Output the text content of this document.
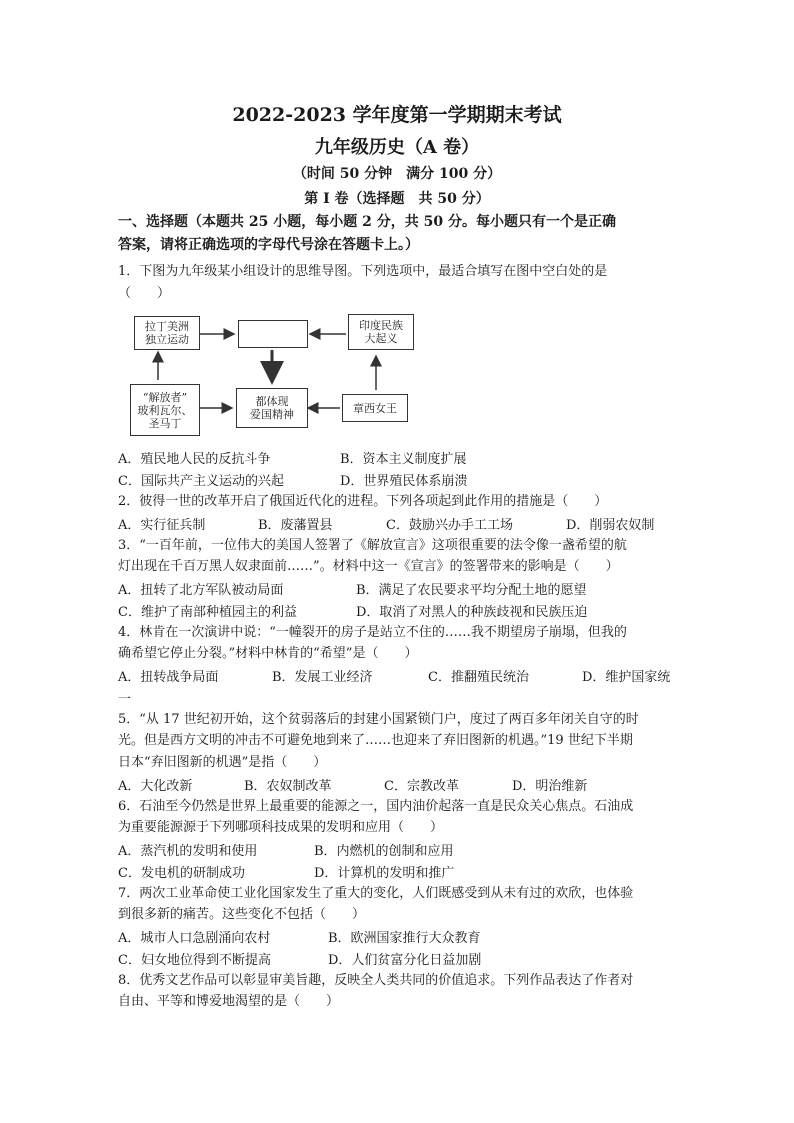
2022-2023 学年度第一学期期末考试
九年级历史（A 卷）
（时间 50 分钟　满分 100 分）
第 I 卷（选择题　共 50 分）
一、选择题（本题共 25 小题，每小题 2 分，共 50 分。每小题只有一个是正确
答案，请将正确选项的字母代号涂在答题卡上。）
1．下图为九年级某小组设计的思维导图。下列选项中，最适合填写在图中空白处的是
（　　）
拉丁美洲
独立运动
印度民族
大起义
“解放者”
玻利瓦尔、
圣马丁
都体现
爱国精神	章西女王
A．殖民地人民的反抗斗争	B．资本主义制度扩展
C．国际共产主义运动的兴起	D．世界殖民体系崩溃
2．彼得一世的改革开启了俄国近代化的进程。下列各项起到此作用的措施是（　　）
A．实行征兵制	B．废藩置县	C．鼓励兴办手工工场	D．削弱农奴制
3．“一百年前，一位伟大的美国人签署了《解放宣言》这项很重要的法令像一盏希望的航
灯出现在千百万黑人奴隶面前……”。材料中这一《宣言》的签署带来的影响是（　　）
A．扭转了北方军队被动局面	B．满足了农民要求平均分配土地的愿望
C．维护了南部种植园主的利益	D．取消了对黑人的种族歧视和民族压迫
4．林肯在一次演讲中说：“一幢裂开的房子是站立不住的……我不期望房子崩塌，但我的
确希望它停止分裂。”材料中林肯的“希望”是（　　）
A．扭转战争局面	B．发展工业经济	C．推翻殖民统治	D．维护国家统
一
5．“从 17 世纪初开始，这个贫弱落后的封建小国紧锁门户，度过了两百多年闭关自守的时
光。但是西方文明的冲击不可避免地到来了……也迎来了弃旧图新的机遇。”19 世纪下半期
日本“弃旧图新的机遇”是指（　　）
A．大化改新	B．农奴制改革	C．宗教改革	D．明治维新
6．石油至今仍然是世界上最重要的能源之一，国内油价起落一直是民众关心焦点。石油成
为重要能源源于下列哪项科技成果的发明和应用（　　）
A．蒸汽机的发明和使用	B．内燃机的创制和应用
C．发电机的研制成功	D．计算机的发明和推广
7．两次工业革命使工业化国家发生了重大的变化，人们既感受到从未有过的欢欣，也体验
到很多新的痛苦。这些变化不包括（　　）
A．城市人口急剧涌向农村	B．欧洲国家推行大众教育
C．妇女地位得到不断提高	D．人们贫富分化日益加剧
8．优秀文艺作品可以彰显审美旨趣，反映全人类共同的价值追求。下列作品表达了作者对
自由、平等和博爱地渴望的是（　　）
